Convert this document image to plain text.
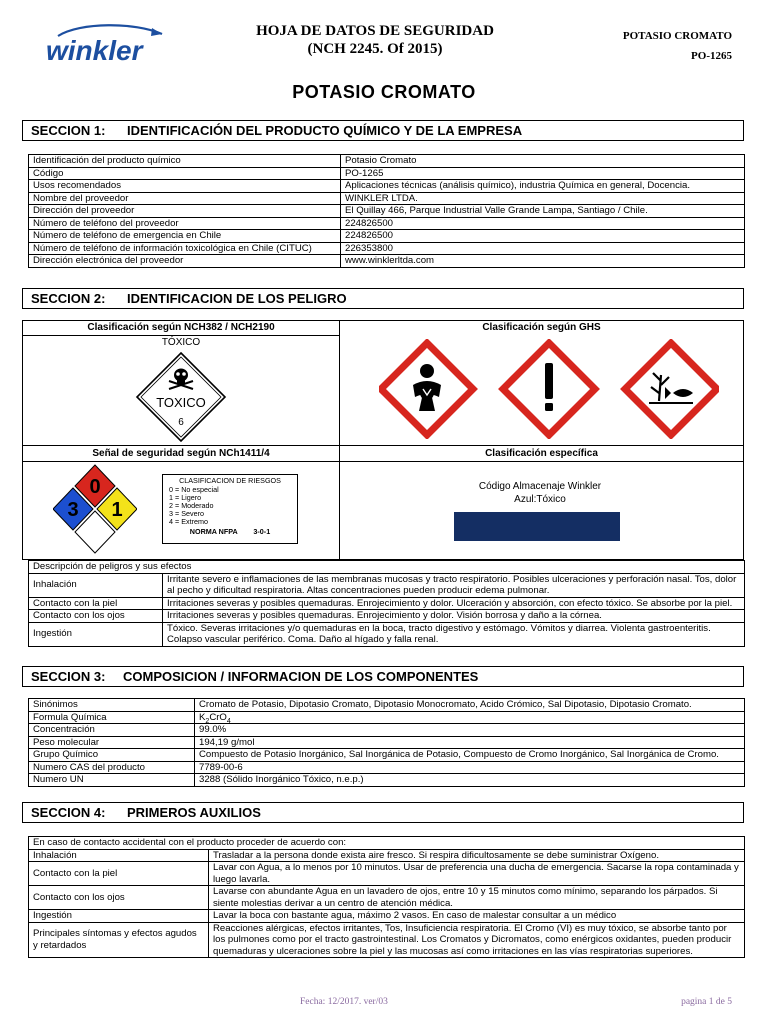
winkler
HOJA DE DATOS DE SEGURIDAD
(NCH 2245. Of 2015)
POTASIO CROMATO
PO-1265
POTASIO CROMATO
SECCION 1: IDENTIFICACIÓN DEL PRODUCTO QUÍMICO Y DE LA EMPRESA
Identificación del producto químico	Potasio Cromato
Código	PO-1265
Usos recomendados	Aplicaciones técnicas (análisis químico), industria Química en general, Docencia.
Nombre del proveedor	WINKLER LTDA.
Dirección del proveedor	El Quillay 466, Parque Industrial Valle Grande Lampa, Santiago / Chile.
Número de teléfono del proveedor	224826500
Número de teléfono de emergencia en Chile	224826500
Número de teléfono de información toxicológica en Chile (CITUC)	226353800
Dirección electrónica del proveedor	www.winklerltda.com
SECCION 2: IDENTIFICACION DE LOS PELIGRO
Clasificación según NCH382 / NCH2190	Clasificación según GHS
TÓXICO
TOXICO
6
Señal de seguridad según NCh1411/4	Clasificación específica
0
3 1
CLASIFICACION DE RIESGOS
0 = No especial
1 = Ligero
2 = Moderado
3 = Severo
4 = Extremo
NORMA NFPA        3-0-1
Código Almacenaje Winkler
Azul:Tóxico
Descripción de peligros y sus efectos	
Inhalación	Irritante severo e inflamaciones de las membranas mucosas y tracto respiratorio. Posibles ulceraciones y perforación nasal. Tos, dolor al pecho y dificultad respiratoria. Altas concentraciones pueden producir edema pulmonar.
Contacto con la piel	Irritaciones severas y posibles quemaduras. Enrojecimiento y dolor. Ulceración y absorción, con efecto tóxico. Se absorbe por la piel.
Contacto con los ojos	Irritaciones severas y posibles quemaduras. Enrojecimiento y dolor. Visión borrosa y daño a la córnea.
Ingestión	Tóxico. Severas irritaciones y/o quemaduras en la boca, tracto digestivo y estómago. Vómitos y diarrea. Violenta gastroenteritis. Colapso vascular periférico. Coma. Daño al hígado y falla renal.
SECCION 3: COMPOSICION / INFORMACION DE LOS COMPONENTES
Sinónimos	Cromato de Potasio, Dipotasio Cromato, Dipotasio Monocromato, Acido Crómico, Sal Dipotasio, Dipotasio Cromato.
Formula Química	$K_2CrO_4$
Concentración	99.0%
Peso molecular	194,19 g/mol
Grupo Químico	Compuesto de Potasio Inorgánico, Sal Inorgánica de Potasio, Compuesto de Cromo Inorgánico, Sal Inorgánica de Cromo.
Numero CAS del producto	7789-00-6
Numero UN	3288 (Sólido Inorgánico Tóxico, n.e.p.)
SECCION 4: PRIMEROS AUXILIOS
En caso de contacto accidental con el producto proceder de acuerdo con:	
Inhalación	Trasladar a la persona donde exista aire fresco. Si respira dificultosamente se debe suministrar Oxígeno.
Contacto con la piel	Lavar con Agua, a lo menos por 10 minutos. Usar de preferencia una ducha de emergencia. Sacarse la ropa contaminada y luego lavarla.
Contacto con los ojos	Lavarse con abundante Agua en un lavadero de ojos, entre 10 y 15 minutos como mínimo, separando los párpados. Si siente molestias derivar a un centro de atención médica.
Ingestión	Lavar la boca con bastante agua, máximo 2 vasos. En caso de malestar consultar a un médico
Principales síntomas y efectos agudos y retardados	Reacciones alérgicas, efectos irritantes, Tos, Insuficiencia respiratoria. El Cromo (VI) es muy tóxico, se absorbe tanto por los pulmones como por el tracto gastrointestinal. Los Cromatos y Dicromatos, como enérgicos oxidantes, pueden producir quemaduras y ulceraciones sobre la piel y las mucosas así como irritaciones en las vías respiratorias superiores.
Fecha: 12/2017. ver/03	pagina 1 de 5
